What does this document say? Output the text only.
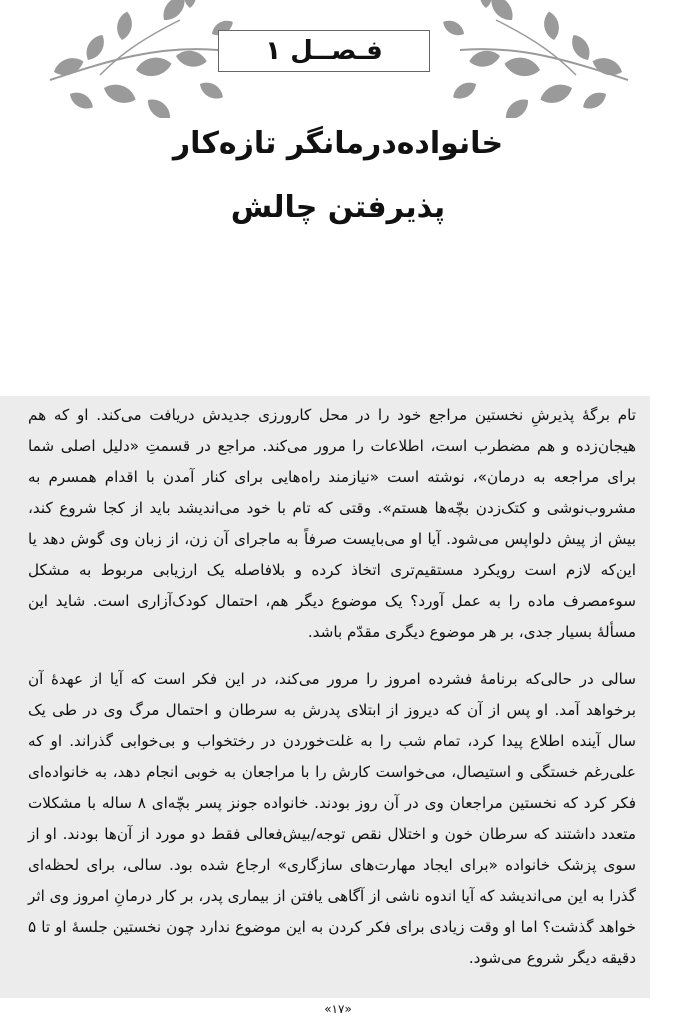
فـصــل ۱
خانواده‌درمانگر تازه‌کار
پذیرفتن چالش

تام برگۀ پذیرشِ نخستین مراجع خود را در محل کارورزی جدیدش دریافت می‌کند. او که هم هیجان‌زده و هم مضطرب است، اطلاعات را مرور می‌کند. مراجع در قسمتِ «دلیل اصلی شما برای مراجعه به درمان»، نوشته است «نیازمند راه‌هایی برای کنار آمدن با اقدام همسرم به مشروب‌نوشی و کتک‌زدن بچّه‌ها هستم». وقتی که تام با خود می‌اندیشد باید از کجا شروع کند، بیش از پیش دلواپس می‌شود. آیا او می‌بایست صرفاً به ماجرای آن زن، از زبان وی گوش دهد یا این‌که لازم است رویکرد مستقیم‌تری اتخاذ کرده و بلافاصله یک ارزیابی مربوط به مشکل سوءمصرف ماده را به عمل آورد؟ یک موضوع دیگر هم، احتمال کودک‌آزاری است. شاید این مسألۀ بسیار جدی، بر هر موضوع دیگری مقدّم باشد.

سالی در حالی‌که برنامۀ فشرده امروز را مرور می‌کند، در این فکر است که آیا از عهدۀ آن برخواهد آمد. او پس از آن که دیروز از ابتلای پدرش به سرطان و احتمال مرگ وی در طی یک سال آینده اطلاع پیدا کرد، تمام شب را به غلت‌خوردن در رختخواب و بی‌خوابی گذراند. او که علی‌رغم خستگی و استیصال، می‌خواست کارش را با مراجعان به خوبی انجام دهد، به خانواده‌ای فکر کرد که نخستین مراجعان وی در آن روز بودند. خانواده جونز پسر بچّه‌ای ۸ ساله با مشکلات متعدد داشتند که سرطان خون و اختلال نقص توجه/بیش‌فعالی فقط دو مورد از آن‌ها بودند. او از سوی پزشک خانواده «برای ایجاد مهارت‌های سازگاری» ارجاع شده بود. سالی، برای لحظه‌ای گذرا به این می‌اندیشد که آیا اندوه ناشی از آگاهی یافتن از بیماری پدر، بر کار درمانِ امروز وی اثر خواهد گذشت؟ اما او وقت زیادی برای فکر کردن به این موضوع ندارد چون نخستین جلسۀ او تا ۵ دقیقه دیگر شروع می‌شود.

«۱۷»
